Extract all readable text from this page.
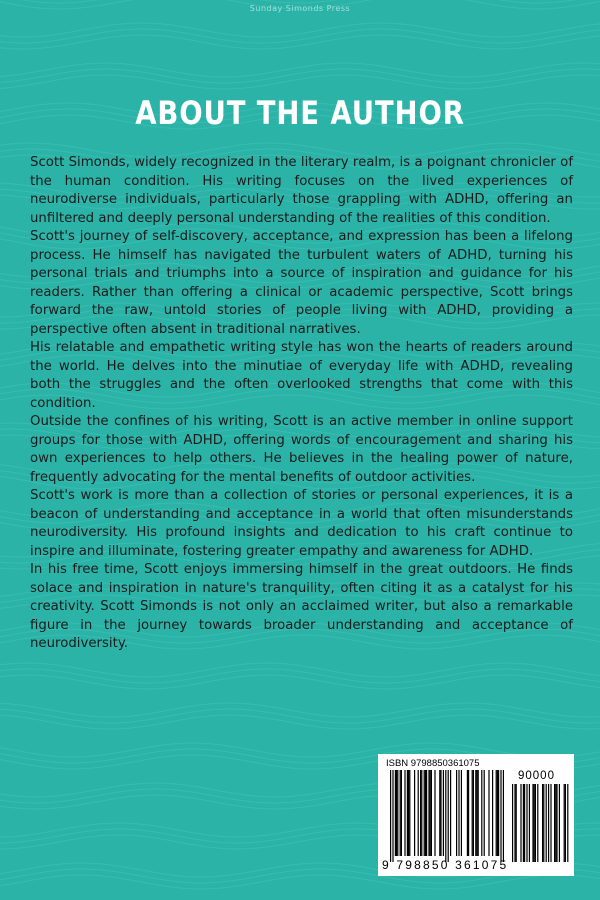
Sunday Simonds Press
ABOUT THE AUTHOR

Scott Simonds, widely recognized in the literary realm, is a poignant chronicler of the human condition. His writing focuses on the lived experiences of neurodiverse individuals, particularly those grappling with ADHD, offering an unfiltered and deeply personal understanding of the realities of this condition.

Scott's journey of self-discovery, acceptance, and expression has been a lifelong process. He himself has navigated the turbulent waters of ADHD, turning his personal trials and triumphs into a source of inspiration and guidance for his readers. Rather than offering a clinical or academic perspective, Scott brings forward the raw, untold stories of people living with ADHD, providing a perspective often absent in traditional narratives.

His relatable and empathetic writing style has won the hearts of readers around the world. He delves into the minutiae of everyday life with ADHD, revealing both the struggles and the often overlooked strengths that come with this condition.

Outside the confines of his writing, Scott is an active member in online support groups for those with ADHD, offering words of encouragement and sharing his own experiences to help others. He believes in the healing power of nature, frequently advocating for the mental benefits of outdoor activities.

Scott's work is more than a collection of stories or personal experiences, it is a beacon of understanding and acceptance in a world that often misunderstands neurodiversity. His profound insights and dedication to his craft continue to inspire and illuminate, fostering greater empathy and awareness for ADHD.

In his free time, Scott enjoys immersing himself in the great outdoors. He finds solace and inspiration in nature's tranquility, often citing it as a catalyst for his creativity. Scott Simonds is not only an acclaimed writer, but also a remarkable figure in the journey towards broader understanding and acceptance of neurodiversity.

ISBN 9798850361075
90000
9 798850 361075
